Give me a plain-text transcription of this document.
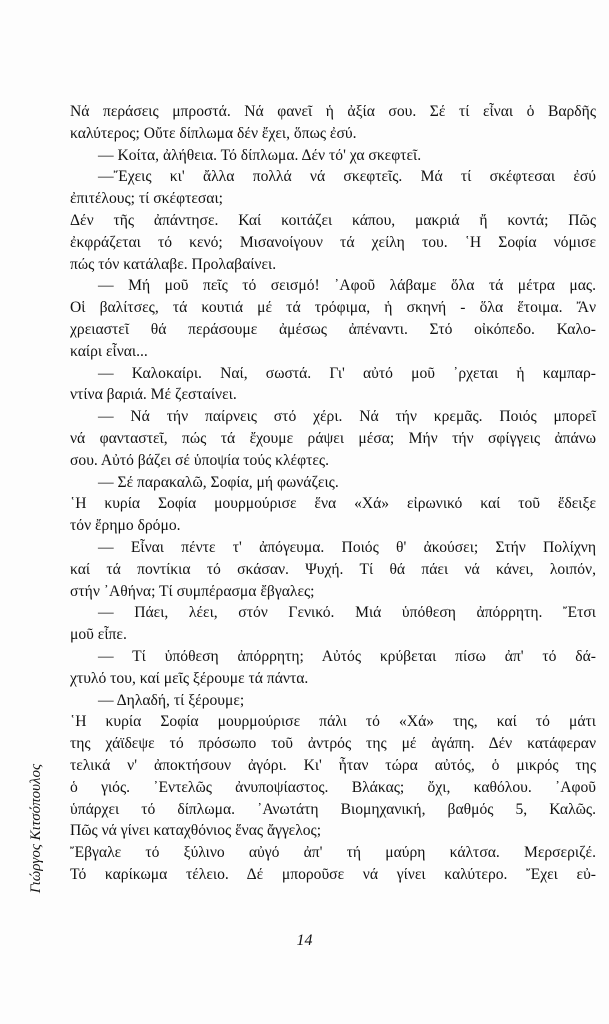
Νά περάσεις μπροστά. Νά φανεῖ ἡ ἀξία σου. Σέ τί εἶναι ὁ Βαρδῆς
καλύτερος; Οὔτε δίπλωμα δέν ἔχει, ὅπως ἐσύ.
— Κοίτα, ἀλήθεια. Τό δίπλωμα. Δέν τό' χα σκεφτεῖ.
—Ἔχεις κι' ἄλλα πολλά νά σκεφτεῖς. Μά τί σκέφτεσαι ἐσύ
ἐπιτέλους; τί σκέφτεσαι;
Δέν τῆς ἀπάντησε. Καί κοιτάζει κάπου, μακριά ἤ κοντά; Πῶς
ἐκφράζεται τό κενό; Μισανοίγουν τά χείλη του. ῾Η Σοφία νόμισε
πώς τόν κατάλαβε. Προλαβαίνει.
— Μή μοῦ πεῖς τό σεισμό! ᾽Αφοῦ λάβαμε ὅλα τά μέτρα μας.
Οἱ βαλίτσες, τά κουτιά μέ τά τρόφιμα, ἡ σκηνή - ὅλα ἕτοιμα. Ἄν
χρειαστεῖ θά περάσουμε ἀμέσως ἀπέναντι. Στό οἰκόπεδο. Καλο-
καίρι εἶναι...
— Καλοκαίρι. Ναί, σωστά. Γι' αὐτό μοῦ ᾽ρχεται ἡ καμπαρ-
ντίνα βαριά. Μέ ζεσταίνει.
— Νά τήν παίρνεις στό χέρι. Νά τήν κρεμᾶς. Ποιός μπορεῖ
νά φανταστεῖ, πώς τά ἔχουμε ράψει μέσα; Μήν τήν σφίγγεις ἀπάνω
σου. Αὐτό βάζει σέ ὑποψία τούς κλέφτες.
— Σέ παρακαλῶ, Σοφία, μή φωνάζεις.
῾Η κυρία Σοφία μουρμούρισε ἕνα «Χά» εἰρωνικό καί τοῦ ἔδειξε
τόν ἔρημο δρόμο.
— Εἶναι πέντε τ' ἀπόγευμα. Ποιός θ' ἀκούσει; Στήν Πολίχνη
καί τά ποντίκια τό σκάσαν. Ψυχή. Τί θά πάει νά κάνει, λοιπόν,
στήν ᾽Αθήνα; Τί συμπέρασμα ἔβγαλες;
— Πάει, λέει, στόν Γενικό. Μιά ὑπόθεση ἀπόρρητη. Ἔτσι
μοῦ εἶπε.
— Τί ὑπόθεση ἀπόρρητη; Αὐτός κρύβεται πίσω ἀπ' τό δά-
χτυλό του, καί μεῖς ξέρουμε τά πάντα.
— Δηλαδή, τί ξέρουμε;
῾Η κυρία Σοφία μουρμούρισε πάλι τό «Χά» της, καί τό μάτι
της χάϊδεψε τό πρόσωπο τοῦ ἀντρός της μέ ἀγάπη. Δέν κατάφεραν
τελικά ν' ἀποκτήσουν ἀγόρι. Κι' ἦταν τώρα αὐτός, ὁ μικρός της
ὁ γιός. ᾽Εντελῶς ἀνυποψίαστος. Βλάκας; ὄχι, καθόλου. ᾽Αφοῦ
ὑπάρχει τό δίπλωμα. ᾽Ανωτάτη Βιομηχανική, βαθμός 5, Καλῶς.
Πῶς νά γίνει καταχθόνιος ἕνας ἄγγελος;
Ἔβγαλε τό ξύλινο αὐγό ἀπ' τή μαύρη κάλτσα. Μερσεριζέ.
Τό καρίκωμα τέλειο. Δέ μποροῦσε νά γίνει καλύτερο. Ἔχει εὐ-
Γιώργος Κιτσόπουλος
14
